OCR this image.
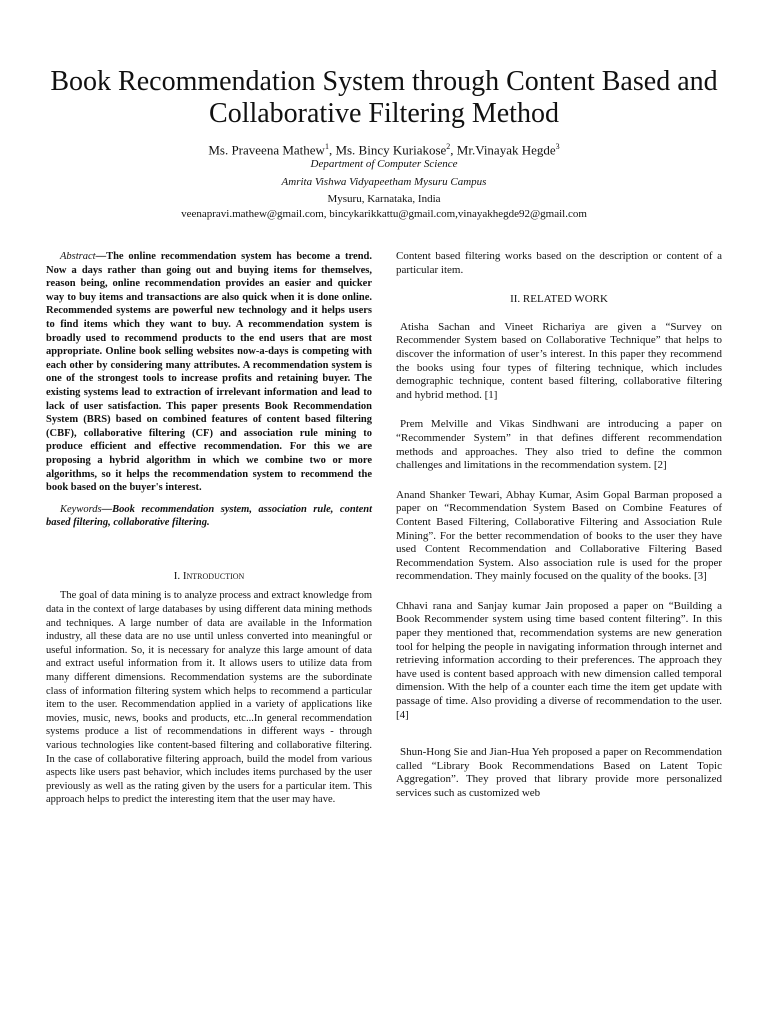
Book Recommendation System through Content Based and Collaborative Filtering Method
Ms. Praveena Mathew$^1$, Ms. Bincy Kuriakose$^2$, Mr.Vinayak Hegde$^3$
Department of Computer Science
Amrita Vishwa Vidyapeetham Mysuru Campus
Mysuru, Karnataka, India
veenapravi.mathew@gmail.com, bincykarikkattu@gmail.com,vinayakhegde92@gmail.com

Abstract—The online recommendation system has become a trend. Now a days rather than going out and buying items for themselves, reason being, online recommendation provides an easier and quicker way to buy items and transactions are also quick when it is done online. Recommended systems are powerful new technology and it helps users to find items which they want to buy. A recommendation system is broadly used to recommend products to the end users that are most appropriate. Online book selling websites now-a-days is competing with each other by considering many attributes. A recommendation system is one of the strongest tools to increase profits and retaining buyer. The existing systems lead to extraction of irrelevant information and lead to lack of user satisfaction. This paper presents Book Recommendation System (BRS) based on combined features of content based filtering (CBF), collaborative filtering (CF) and association rule mining to produce efficient and effective recommendation. For this we are proposing a hybrid algorithm in which we combine two or more algorithms, so it helps the recommendation system to recommend the book based on the buyer's interest.

Keywords—Book recommendation system, association rule, content based filtering, collaborative filtering.

I. Introduction

The goal of data mining is to analyze process and extract knowledge from data in the context of large databases by using different data mining methods and techniques. A large number of data are available in the Information industry, all these data are no use until unless converted into meaningful or useful information. So, it is necessary for analyze this large amount of data and extract useful information from it. It allows users to utilize data from many different dimensions. Recommendation systems are the subordinate class of information filtering system which helps to recommend a particular item to the user. Recommendation applied in a variety of applications like movies, music, news, books and products, etc...In general recommendation systems produce a list of recommendations in different ways - through various technologies like content-based filtering and collaborative filtering. In the case of collaborative filtering approach, build the model from various aspects like users past behavior, which includes items purchased by the user previously as well as the rating given by the users for a particular item. This approach helps to predict the interesting item that the user may have.

Content based filtering works based on the description or content of a particular item.

II. RELATED WORK

Atisha Sachan and Vineet Richariya are given a “Survey on Recommender System based on Collaborative Technique” that helps to discover the information of user’s interest. In this paper they recommend the books using four types of filtering technique, which includes demographic technique, content based filtering, collaborative filtering and hybrid method. [1]

Prem Melville and Vikas Sindhwani are introducing a paper on “Recommender System” in that defines different recommendation methods and approaches. They also tried to define the common challenges and limitations in the recommendation system. [2]

Anand Shanker Tewari, Abhay Kumar, Asim Gopal Barman proposed a paper on “Recommendation System Based on Combine Features of Content Based Filtering, Collaborative Filtering and Association Rule Mining”. For the better recommendation of books to the user they have used Content Recommendation and Collaborative Filtering Based Recommendation System. Also association rule is used for the proper recommendation. They mainly focused on the quality of the books. [3]

Chhavi rana and Sanjay kumar Jain proposed a paper on “Building a Book Recommender system using time based content filtering”. In this paper they mentioned that, recommendation systems are new generation tool for helping the people in navigating information through internet and retrieving information according to their preferences. The approach they have used is content based approach with new dimension called temporal dimension. With the help of a counter each time the item get update with passage of time. Also providing a diverse of recommendation to the user. [4]

Shun-Hong Sie and Jian-Hua Yeh proposed a paper on Recommendation called “Library Book Recommendations Based on Latent Topic Aggregation”. They proved that library provide more personalized services such as customized web
